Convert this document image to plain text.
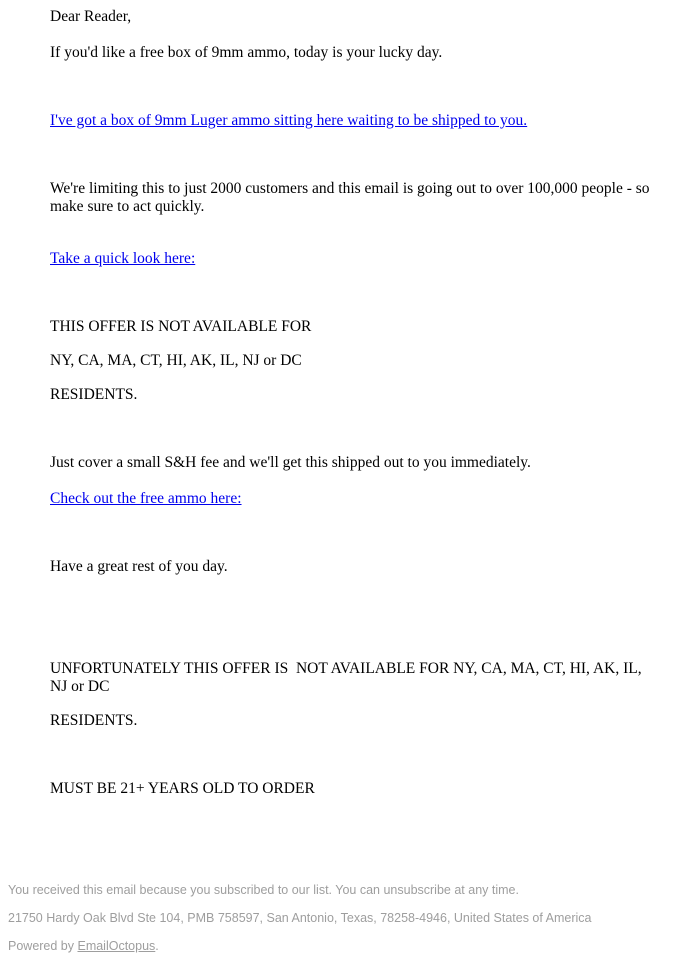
Dear Reader,

If you'd like a free box of 9mm ammo, today is your lucky day.

I've got a box of 9mm Luger ammo sitting here waiting to be shipped to you.

We're limiting this to just 2000 customers and this email is going out to over 100,000 people - so make sure to act quickly.

Take a quick look here:

THIS OFFER IS NOT AVAILABLE FOR

NY, CA, MA, CT, HI, AK, IL, NJ or DC

RESIDENTS.

Just cover a small S&H fee and we'll get this shipped out to you immediately.

Check out the free ammo here:

Have a great rest of you day.

UNFORTUNATELY THIS OFFER IS  NOT AVAILABLE FOR NY, CA, MA, CT, HI, AK, IL, NJ or DC

RESIDENTS.

MUST BE 21+ YEARS OLD TO ORDER

You received this email because you subscribed to our list. You can unsubscribe at any time.
21750 Hardy Oak Blvd Ste 104, PMB 758597, San Antonio, Texas, 78258-4946, United States of America
Powered by EmailOctopus.
